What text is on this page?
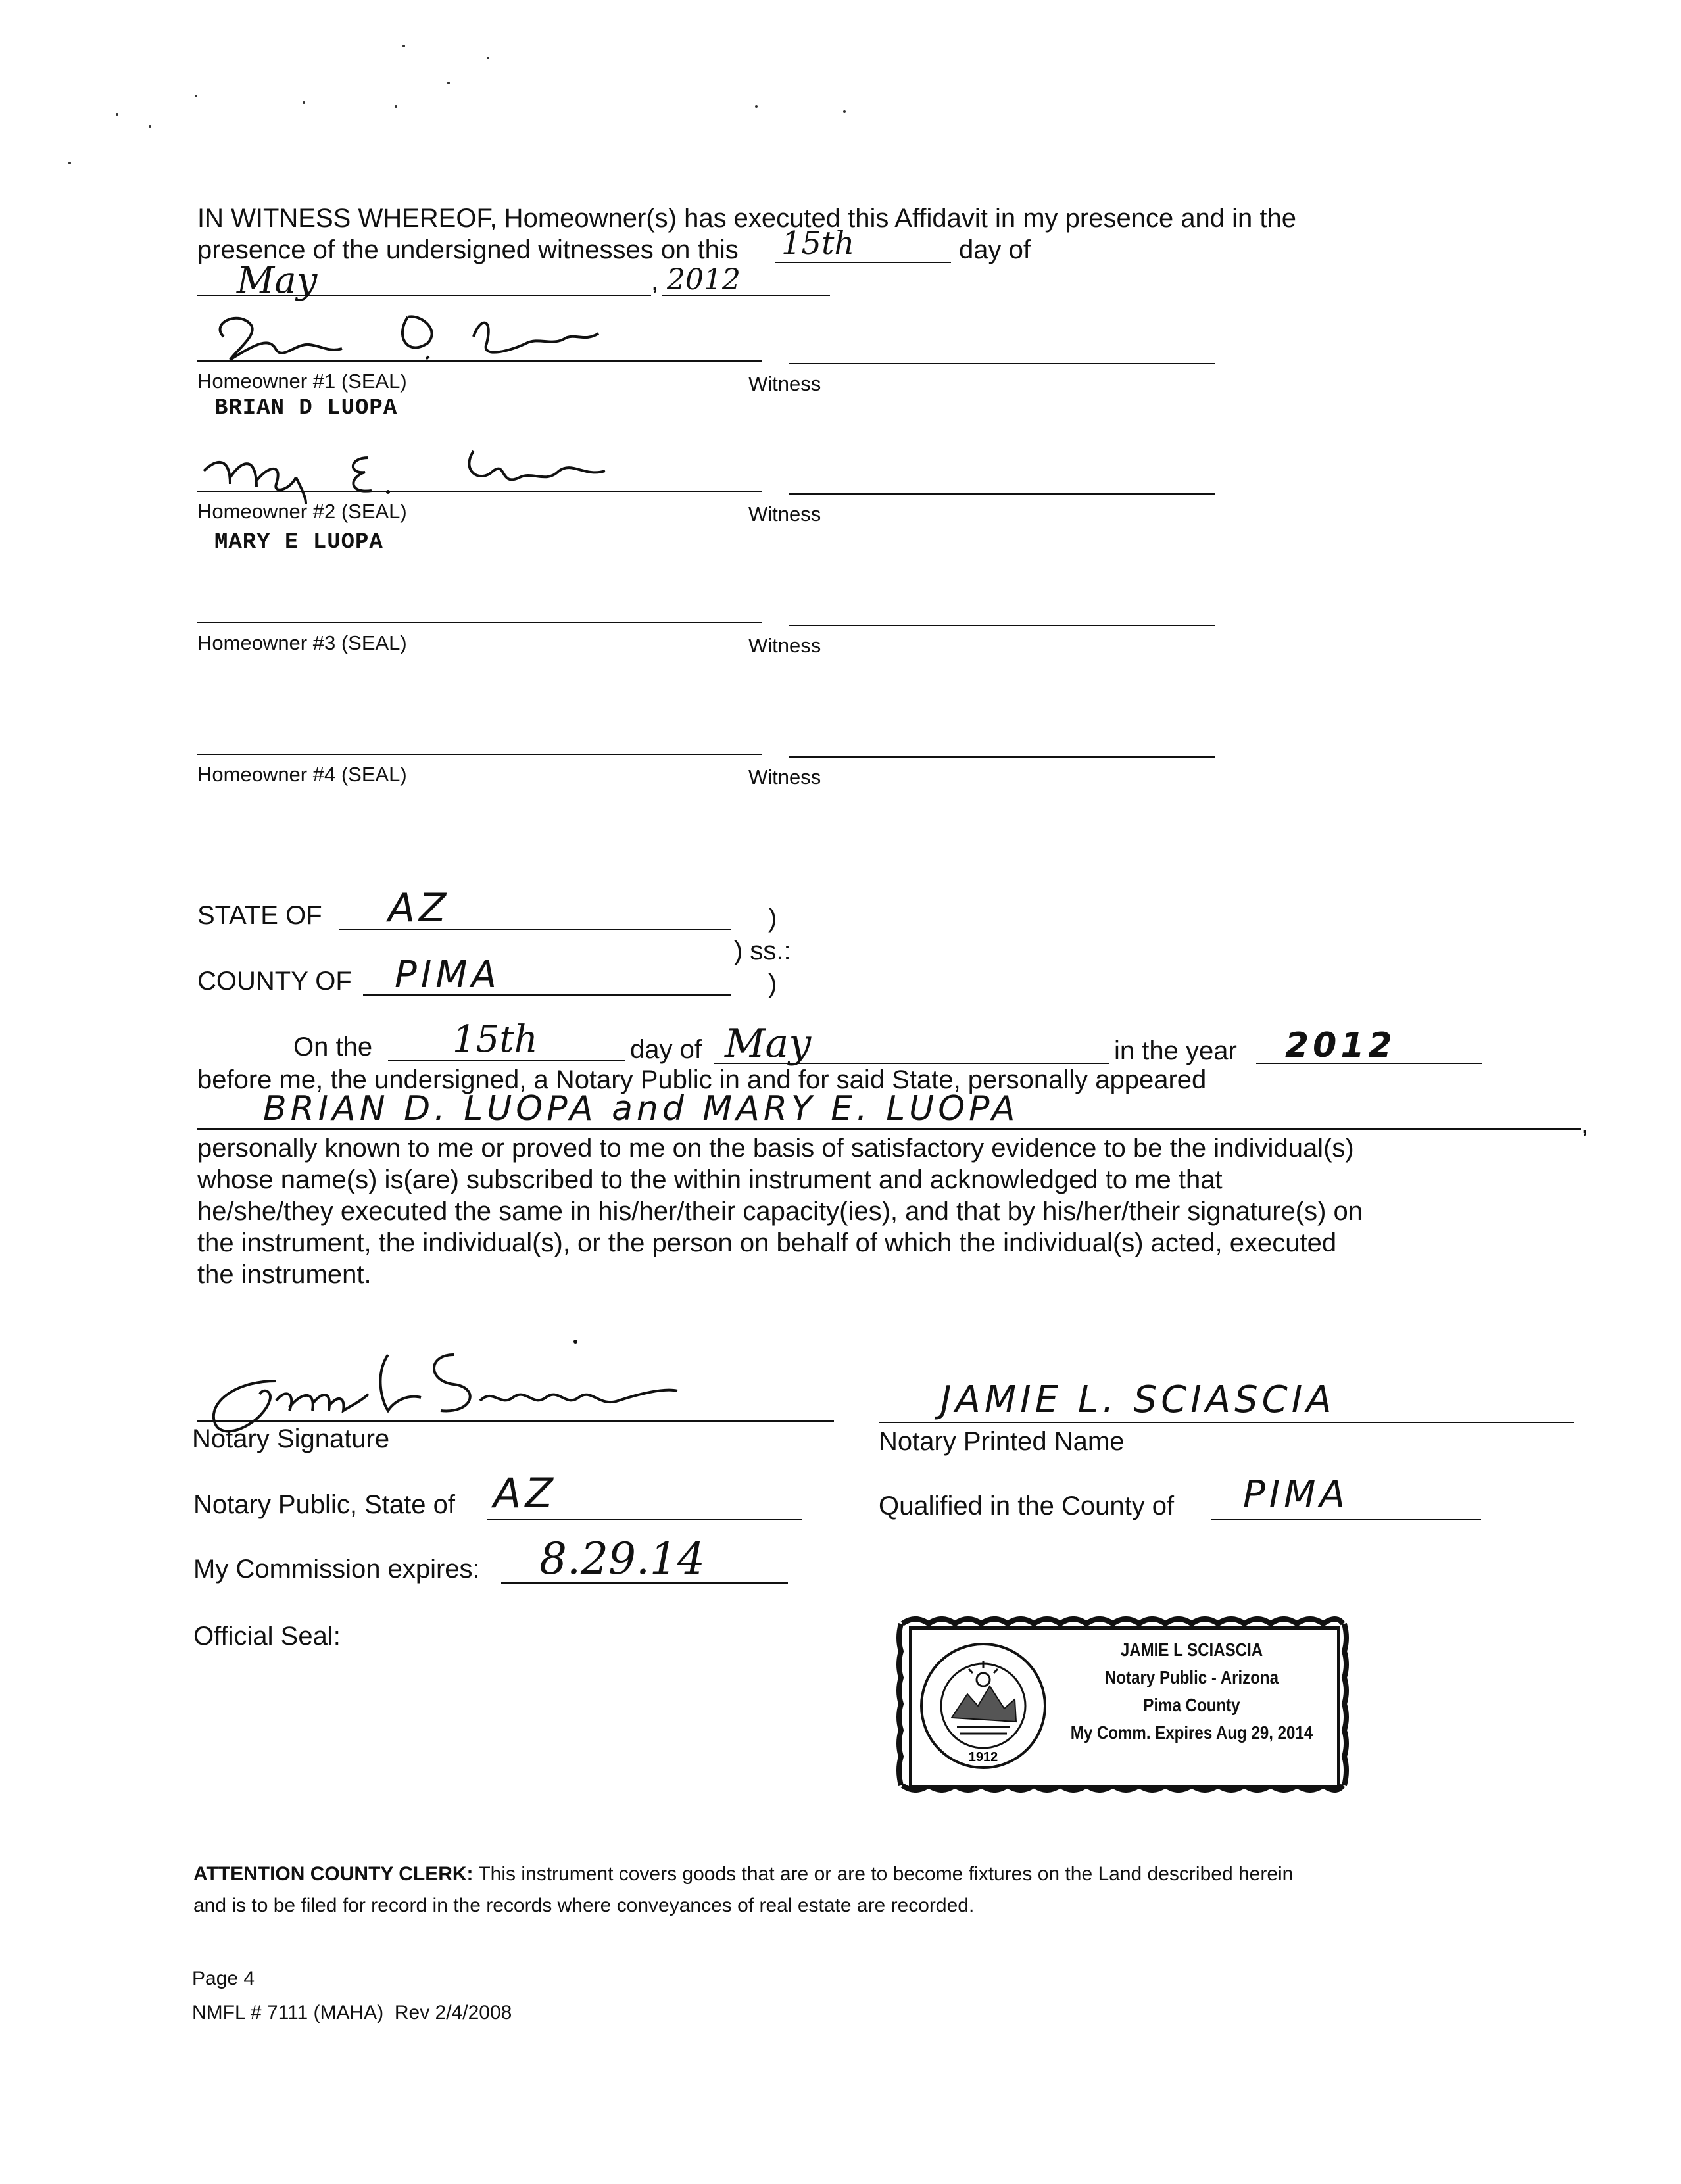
IN WITNESS WHEREOF, Homeowner(s) has executed this Affidavit in my presence and in the
presence of the undersigned witnesses on this 15th	day of
May	, 2012
Homeowner #1 (SEAL)	Witness
BRIAN D LUOPA
Homeowner #2 (SEAL)	Witness
MARY E LUOPA
Homeowner #3 (SEAL)	Witness
Homeowner #4 (SEAL)	Witness
STATE OF AZ	)
) ss.:
COUNTY OF PIMA	)
On the 15th	day of May	in the year 2012
before me, the undersigned, a Notary Public in and for said State, personally appeared
BRIAN D. LUOPA and MARY E. LUOPA	,
personally known to me or proved to me on the basis of satisfactory evidence to be the individual(s)
whose name(s) is(are) subscribed to the within instrument and acknowledged to me that
he/she/they executed the same in his/her/their capacity(ies), and that by his/her/their signature(s) on
the instrument, the individual(s), or the person on behalf of which the individual(s) acted, executed
the instrument.
Notary Signature
JAMIE L. SCIASCIA
Notary Printed Name
Notary Public, State of AZ	Qualified in the County of PIMA
My Commission expires: 8.29.14
Official Seal:
1912
JAMIE L SCIASCIA
Notary Public - Arizona
Pima County
My Comm. Expires Aug 29, 2014
ATTENTION COUNTY CLERK: This instrument covers goods that are or are to become fixtures on the Land described herein
and is to be filed for record in the records where conveyances of real estate are recorded.
Page 4
NMFL # 7111 (MAHA)  Rev 2/4/2008
